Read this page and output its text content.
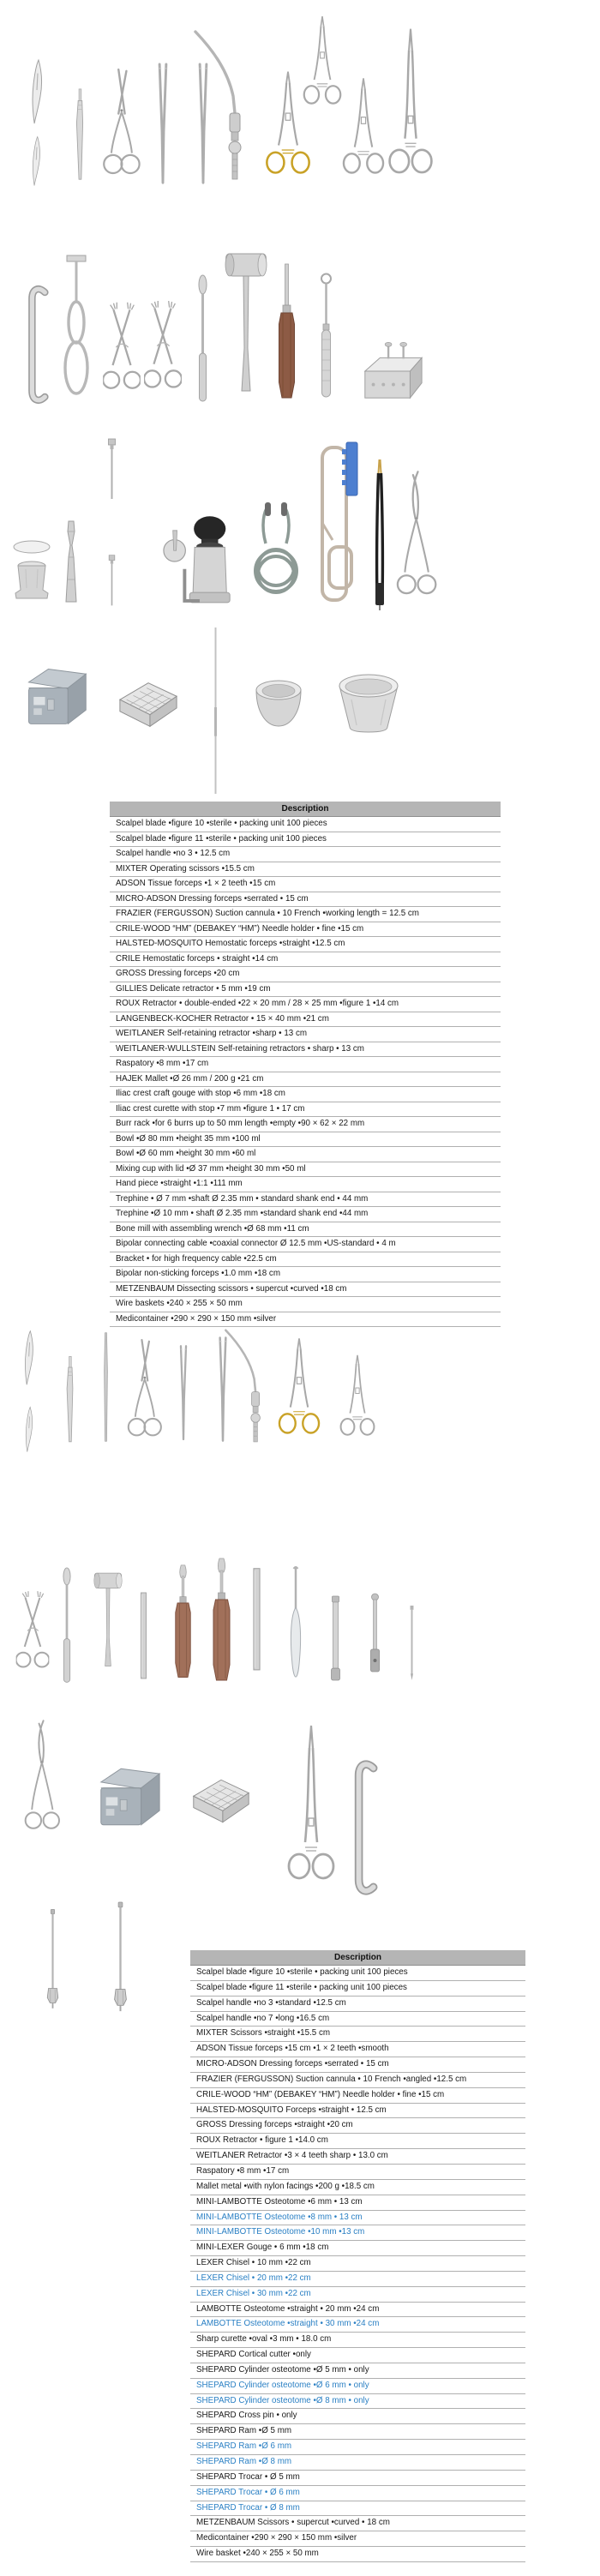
Description
Scalpel blade •figure 10 •sterile • packing unit 100 pieces
Scalpel blade •figure 11 •sterile • packing unit 100 pieces
Scalpel handle •no 3 • 12.5 cm
MIXTER Operating scissors •15.5 cm
ADSON Tissue forceps •1 × 2 teeth •15 cm
MICRO-ADSON Dressing forceps •serrated • 15 cm
FRAZIER (FERGUSSON) Suction cannula • 10 French •working length = 12.5 cm
CRILE-WOOD “HM” (DEBAKEY “HM”) Needle holder • fine •15 cm
HALSTED-MOSQUITO Hemostatic forceps •straight •12.5 cm
CRILE Hemostatic forceps • straight •14 cm
GROSS Dressing forceps •20 cm
GILLIES Delicate retractor • 5 mm •19 cm
ROUX Retractor • double-ended •22 × 20 mm / 28 × 25 mm •figure 1 •14 cm
LANGENBECK-KOCHER Retractor • 15 × 40 mm •21 cm
WEITLANER Self-retaining retractor •sharp • 13 cm
WEITLANER-WULLSTEIN Self-retaining retractors • sharp • 13 cm
Raspatory •8 mm •17 cm
HAJEK Mallet •Ø 26 mm / 200 g •21 cm
Iliac crest craft gouge with stop •6 mm •18 cm
Iliac crest curette with stop •7 mm •figure 1 • 17 cm
Burr rack •for 6 burrs up to 50 mm length •empty •90 × 62 × 22 mm
Bowl •Ø 80 mm •height 35 mm •100 ml
Bowl •Ø 60 mm •height 30 mm •60 ml
Mixing cup with lid •Ø 37 mm •height 30 mm •50 ml
Hand piece •straight •1:1 •111 mm
Trephine • Ø 7 mm •shaft Ø 2.35 mm • standard shank end • 44 mm
Trephine •Ø 10 mm • shaft Ø 2.35 mm •standard shank end •44 mm
Bone mill with assembling wrench •Ø 68 mm •11 cm
Bipolar connecting cable •coaxial connector Ø 12.5 mm •US-standard • 4 m
Bracket • for high frequency cable •22.5 cm
Bipolar non-sticking forceps •1.0 mm •18 cm
METZENBAUM Dissecting scissors • supercut •curved •18 cm
Wire baskets •240 × 255 × 50 mm
Medicontainer •290 × 290 × 150 mm •silver
Description
Scalpel blade •figure 10 •sterile • packing unit 100 pieces
Scalpel blade •figure 11 •sterile • packing unit 100 pieces
Scalpel handle •no 3 •standard •12.5 cm
Scalpel handle •no 7 •long •16.5 cm
MIXTER Scissors •straight •15.5 cm
ADSON Tissue forceps •15 cm •1 × 2 teeth •smooth
MICRO-ADSON Dressing forceps •serrated • 15 cm
FRAZIER (FERGUSSON) Suction cannula • 10 French •angled •12.5 cm
CRILE-WOOD “HM” (DEBAKEY “HM”) Needle holder • fine •15 cm
HALSTED-MOSQUITO Forceps •straight • 12.5 cm
GROSS Dressing forceps •straight •20 cm
ROUX Retractor • figure 1 •14.0 cm
WEITLANER Retractor •3 × 4 teeth sharp • 13.0 cm
Raspatory •8 mm •17 cm
Mallet metal •with nylon facings •200 g •18.5 cm
MINI-LAMBOTTE Osteotome •6 mm • 13 cm
MINI-LAMBOTTE Osteotome •8 mm • 13 cm
MINI-LAMBOTTE Osteotome •10 mm •13 cm
MINI-LEXER Gouge • 6 mm •18 cm
LEXER Chisel • 10 mm •22 cm
LEXER Chisel • 20 mm •22 cm
LEXER Chisel • 30 mm •22 cm
LAMBOTTE Osteotome •straight • 20 mm •24 cm
LAMBOTTE Osteotome •straight • 30 mm •24 cm
Sharp curette •oval •3 mm • 18.0 cm
SHEPARD Cortical cutter •only
SHEPARD Cylinder osteotome •Ø 5 mm • only
SHEPARD Cylinder osteotome •Ø 6 mm • only
SHEPARD Cylinder osteotome •Ø 8 mm • only
SHEPARD Cross pin • only
SHEPARD Ram •Ø 5 mm
SHEPARD Ram •Ø 6 mm
SHEPARD Ram •Ø 8 mm
SHEPARD Trocar • Ø 5 mm
SHEPARD Trocar • Ø 6 mm
SHEPARD Trocar • Ø 8 mm
METZENBAUM Scissors • supercut •curved • 18 cm
Medicontainer •290 × 290 × 150 mm •silver
Wire basket •240 × 255 × 50 mm
